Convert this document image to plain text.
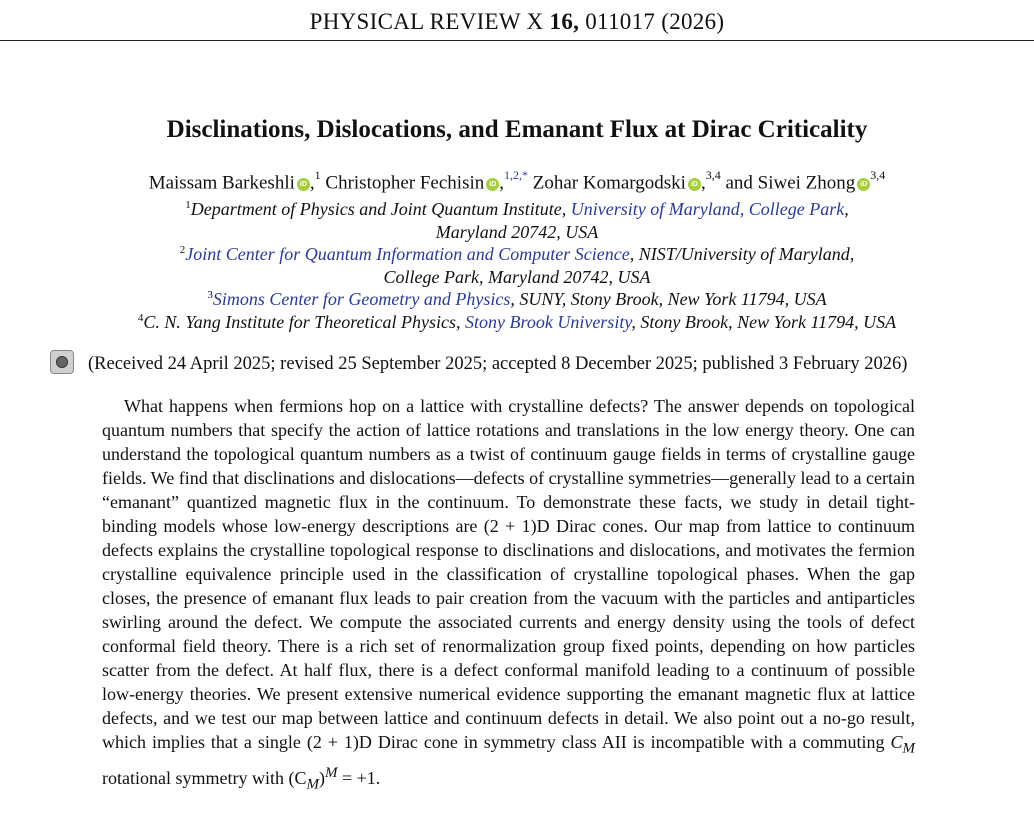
PHYSICAL REVIEW X 16, 011017 (2026)
Disclinations, Dislocations, and Emanant Flux at Dirac Criticality
Maissam Barkeshli iD ,$^1$ Christopher Fechisin iD ,$^{1,2,*}$ Zohar Komargodski iD ,$^{3,4}$ and Siwei Zhong iD$^{3,4}$
$^1$Department of Physics and Joint Quantum Institute, University of Maryland, College Park,
Maryland 20742, USA
$^2$Joint Center for Quantum Information and Computer Science, NIST/University of Maryland,
College Park, Maryland 20742, USA
$^3$Simons Center for Geometry and Physics, SUNY, Stony Brook, New York 11794, USA
$^4$C. N. Yang Institute for Theoretical Physics, Stony Brook University, Stony Brook, New York 11794, USA
(Received 24 April 2025; revised 25 September 2025; accepted 8 December 2025; published 3 February 2026)
What happens when fermions hop on a lattice with crystalline defects? The answer depends on topological quantum numbers that specify the action of lattice rotations and translations in the low energy theory. One can understand the topological quantum numbers as a twist of continuum gauge fields in terms of crystalline gauge fields. We find that disclinations and dislocations—defects of crystalline symmetries—generally lead to a certain “emanant” quantized magnetic flux in the continuum. To demonstrate these facts, we study in detail tight-binding models whose low-energy descriptions are (2 + 1)D Dirac cones. Our map from lattice to continuum defects explains the crystalline topological response to disclinations and dislocations, and motivates the fermion crystalline equivalence principle used in the classification of crystalline topological phases. When the gap closes, the presence of emanant flux leads to pair creation from the vacuum with the particles and antiparticles swirling around the defect. We compute the associated currents and energy density using the tools of defect conformal field theory. There is a rich set of renormalization group fixed points, depending on how particles scatter from the defect. At half flux, there is a defect conformal manifold leading to a continuum of possible low-energy theories. We present extensive numerical evidence supporting the emanant magnetic flux at lattice defects, and we test our map between lattice and continuum defects in detail. We also point out a no-go result, which implies that a single (2 + 1)D Dirac cone in symmetry class AII is incompatible with a commuting $C_M$ rotational symmetry with $(C_M)^M = +1$.
